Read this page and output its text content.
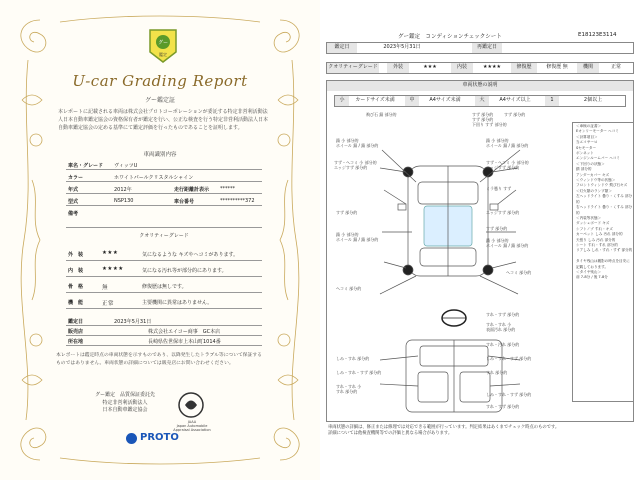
グー
鑑定
U-car Grading Report
グー鑑定証
本レポートに記載される車両は株式会社プロトコーポレーションが委託する特定非営利活動法人日本自動車鑑定協会の資格保有者が鑑定を行い、公正な検査を行う特定非営利活動法人日本自動車鑑定協会の定める基準にて鑑定評価を行ったものであることを証明します。
車両識別内容
車名・グレード ヴィッツU
カラー	ホワイトパールクリスタルシャイン
年式	2012年	走行距離計表示 ******
型式	NSP130	車台番号	**********372
備考
クオリティーグレード
外　装	★★★	気になるような キズやヘコミがあります。
内　装	★★★★	気になる汚れ等が部分的にあります。
骨　格	無	修復歴は無しです。
機　能	正常	主要機関に異常はありません。
鑑定日	2023年5月31日
販売店	株式会社エイコー商事　GC本店
所在地	長崎県佐世保市上本山町1014番
本レポートは鑑定時点の車両状態を示すものであり、以降発生したトラブル等について保証するものではありません。車両状態の詳細については販売店にお問い合わせください。
グー鑑定　品質保証委託先
特定非営利活動法人
日本自動車鑑定協会
JAAA
Japan Automobile Appraisal Association
PROTO
グー鑑定　コンディションチェックシート	E18123E3114
鑑定日	2023年5月31日	再鑑定日
クオリティーグレード	外装	★★★	内装	★★★★	修復歴	修復歴 無	機関	正常
車両状態の説明
小	カードサイズ未満	中	A4サイズ未満	大	A4サイズ以上	1	2個以上
飛び石 錆 部分的	すず 部分的
すず 部分的
下回り すず 部分的
すず 部分的
錆 小 部分的
ホイール 錆 / 錆 部分的
錆 小 部分的
ホイール 錆 / 錆 部分的
すず・へコミ 小 部分的
エッジすず 部分的
すず・へコミ 小 部分的
エッジすず 部分的
ミラ曇り すず
エッジすず 部分的
すず 部分的
すず 部分的
錆 小 部分的
ホイール 錆 / 錆 部分的	錆 小 部分的
ホイール 錆 / 錆 部分的
ヘコミ 部分的
へコミ 部分的
すれ・すず 部分的
すれ・すれ 小
表面汚れ 部分的
しみ・すれ 部分的
すれ・汚れ 部分的
しみ・すれ・すず 部分的
しみ・すれ・すず 部分的	すれ 部分的
すれ・すれ 小
すれ 部分的
しみ・すれ・すず 部分的
すれ・すず 部分的
＜車検の証書＞
Eオンリーモーター ヘコミ
＜計算項目＞
当エコサーロ
Sセモーター
ボンネット
エンジンルームバー ヘコミ
＜下回りの状態＞
錆 部分的
アンダーカバー キズ
＜ウィンドウ等の状態＞
フロントウィンドウ 飛び石キズ
＜灯火類のランプ類＞
左ヘッドライト 曇り・くすみ 部分的
右ヘッドライト 曇り・くすみ 部分的
＜内装等状態＞
ダッシュボード キズ
シフトノブ すれ・キズ
カーペット しみ 汚れ 部分的
天張り しみ 汚れ 部分的
シート すれ・すれ 部分的
リアしみ しれ・すれ・すず 部分的

タイヤ残山は撮影の時点を目安に
記載しております。
＜タイヤ残山＞
前 7-8分 / 後 7-8分
車両状態の詳細は、修正または修理では対応できる範囲が行っています。判定結果はあくまでチェック時点のものです。
詳細については他検査機関等での評価と異なる場合があります。
